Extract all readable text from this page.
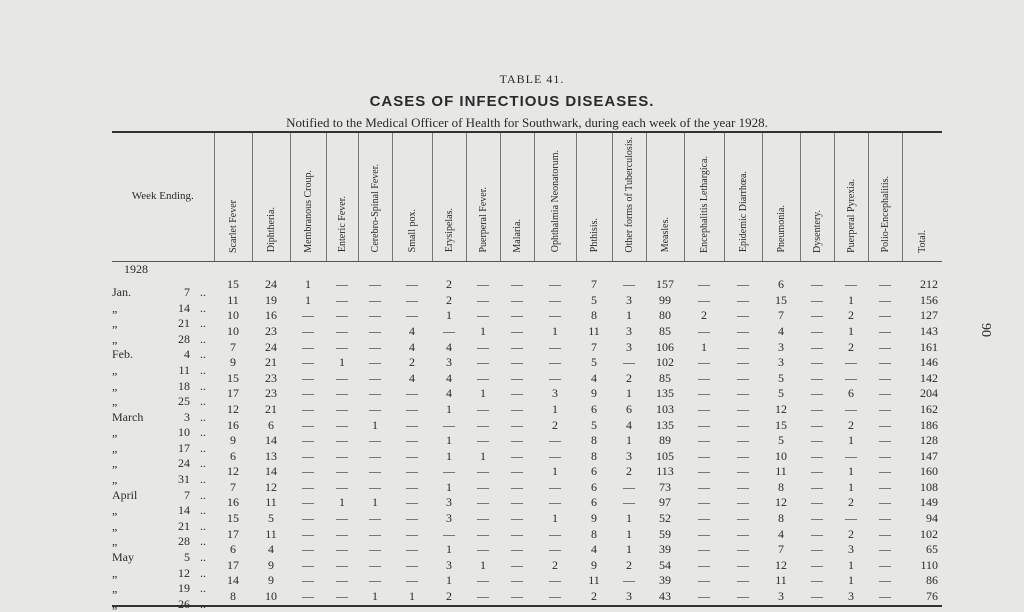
TABLE 41.
CASES OF INFECTIOUS DISEASES.
Notified to the Medical Officer of Health for Southwark, during each week of the year 1928.
90
Week Ending.	Scarlet Fever	Diphtheria.	Membranous Croup.	Enteric Fever.	Cerebro-Spinal Fever.	Small pox.	Erysipelas.	Puerperal Fever.	Malaria.	Ophthalmia Neonatorum.	Phthisis.	Other forms of Tuberculosis.	Measles.	Encephalitis Lethargica.	Epidemic Diarrhœa.	Pneumonia.	Dysentery.	Puerperal Pyrexia.	Polio-Encephalitis.	Total.
1928																				

Jan. 7 ..	15	24	1	—	—	—	2	—	—	—	7	—	157	—	—	6	—	—	—	212

„ 14 ..	11	19	1	—	—	—	2	—	—	—	5	3	99	—	—	15	—	1	—	156

„ 21 ..	10	16	—	—	—	—	1	—	—	—	8	1	80	2	—	7	—	2	—	127

„ 28 ..	10	23	—	—	—	4	—	1	—	1	11	3	85	—	—	4	—	1	—	143

Feb. 4 ..	7	24	—	—	—	4	4	—	—	—	7	3	106	1	—	3	—	2	—	161

„ 11 ..	9	21	—	1	—	2	3	—	—	—	5	—	102	—	—	3	—	—	—	146

„ 18 ..	15	23	—	—	—	4	4	—	—	—	4	2	85	—	—	5	—	—	—	142

„ 25 ..	17	23	—	—	—	—	4	1	—	3	9	1	135	—	—	5	—	6	—	204

March 3 ..	12	21	—	—	—	—	1	—	—	1	6	6	103	—	—	12	—	—	—	162

„ 10 ..	16	6	—	—	1	—	—	—	—	2	5	4	135	—	—	15	—	2	—	186

„ 17 ..	9	14	—	—	—	—	1	—	—	—	8	1	89	—	—	5	—	1	—	128

„ 24 ..	6	13	—	—	—	—	1	1	—	—	8	3	105	—	—	10	—	—	—	147

„ 31 ..	12	14	—	—	—	—	—	—	—	1	6	2	113	—	—	11	—	1	—	160

April 7 ..	7	12	—	—	—	—	1	—	—	—	6	—	73	—	—	8	—	1	—	108

„ 14 ..	16	11	—	1	1	—	3	—	—	—	6	—	97	—	—	12	—	2	—	149

„ 21 ..	15	5	—	—	—	—	3	—	—	1	9	1	52	—	—	8	—	—	—	94

„ 28 ..	17	11	—	—	—	—	—	—	—	—	8	1	59	—	—	4	—	2	—	102

May 5 ..	6	4	—	—	—	—	1	—	—	—	4	1	39	—	—	7	—	3	—	65

„ 12 ..	17	9	—	—	—	—	3	1	—	2	9	2	54	—	—	12	—	1	—	110

„ 19 ..	14	9	—	—	—	—	1	—	—	—	11	—	39	—	—	11	—	1	—	86

„ 26 ..	8	10	—	—	1	1	2	—	—	—	2	3	43	—	—	3	—	3	—	76
